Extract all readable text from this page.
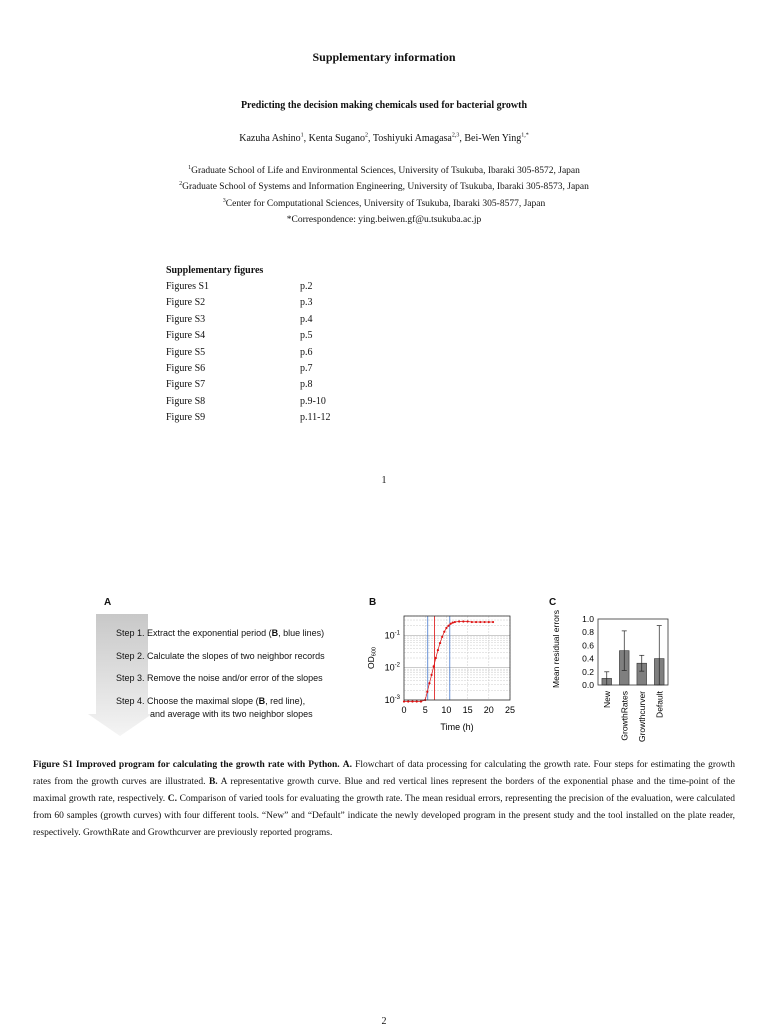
Supplementary information
Predicting the decision making chemicals used for bacterial growth
Kazuha Ashino$^1$, Kenta Sugano$^2$, Toshiyuki Amagasa$^{2,3}$, Bei-Wen Ying$^{1,*}$
$^1$Graduate School of Life and Environmental Sciences, University of Tsukuba, Ibaraki 305-8572, Japan
$^2$Graduate School of Systems and Information Engineering, University of Tsukuba, Ibaraki 305-8573, Japan
$^3$Center for Computational Sciences, University of Tsukuba, Ibaraki 305-8577, Japan
*Correspondence: ying.beiwen.gf@u.tsukuba.ac.jp
Supplementary figures
Figures S1	p.2
Figure S2	p.3
Figure S3	p.4
Figure S4	p.5
Figure S5	p.6
Figure S6	p.7
Figure S7	p.8
Figure S8	p.9-10
Figure S9	p.11-12
1
A	B	C
Step 1. Extract the exponential period (B, blue lines)
Step 2. Calculate the slopes of two neighbor records
Step 3. Remove the noise and/or error of the slopes
Step 4. Choose the maximal slope (B, red line),
and average with its two neighbor slopes	0 5 10 15 20 25
$10^{-1}$
$10^{-2}$
$10^{-3}$
Time (h)
OD600
0.0
0.2
0.4
0.6
0.8
1.0
New GrowthRates Growthcurver Default
Mean residual errors
Figure S1 Improved program for calculating the growth rate with Python. A. Flowchart of data processing for calculating the growth rate. Four steps for estimating the growth rates from the growth curves are illustrated. B. A representative growth curve. Blue and red vertical lines represent the borders of the exponential phase and the time-point of the maximal growth rate, respectively. C. Comparison of varied tools for evaluating the growth rate. The mean residual errors, representing the precision of the evaluation, were calculated from 60 samples (growth curves) with four different tools. “New” and “Default” indicate the newly developed program in the present study and the tool installed on the plate reader, respectively. GrowthRate and Growthcurver are previously reported programs.
2
